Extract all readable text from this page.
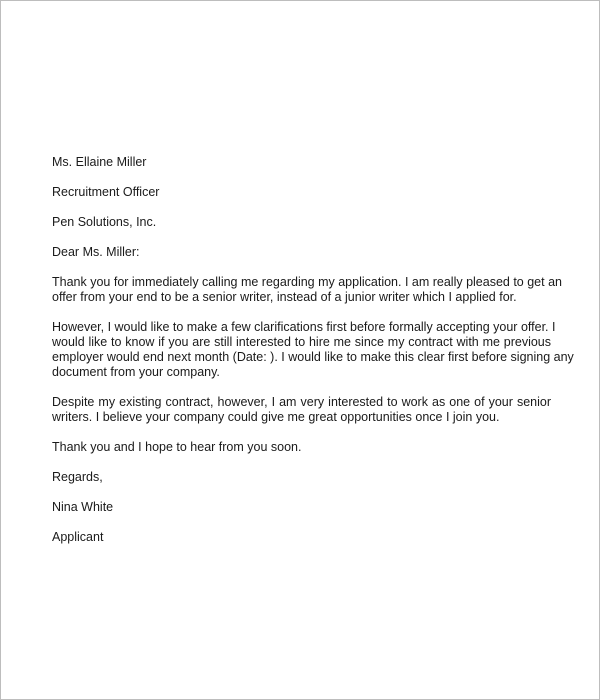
Ms. Ellaine Miller
Recruitment Officer
Pen Solutions, Inc.
Dear Ms. Miller:
Thank you for immediately calling me regarding my application. I am really pleased to get an
offer from your end to be a senior writer, instead of a junior writer which I applied for.
However, I would like to make a few clarifications first before formally accepting your offer. I
would like to know if you are still interested to hire me since my contract with me previous
employer would end next month (Date: ). I would like to make this clear first before signing any
document from your company.
Despite my existing contract, however, I am very interested to work as one of your senior
writers. I believe your company could give me great opportunities once I join you.
Thank you and I hope to hear from you soon.
Regards,
Nina White
Applicant
